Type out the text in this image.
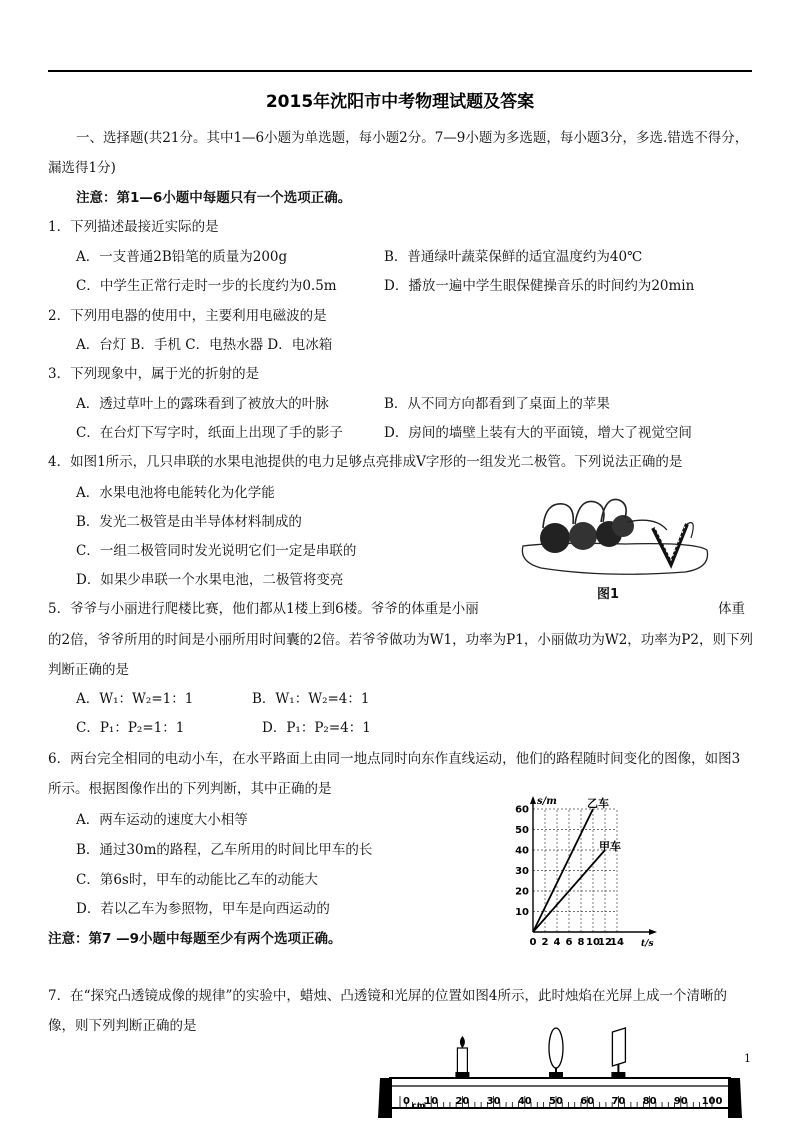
2015年沈阳市中考物理试题及答案
一、选择题(共21分。其中1—6小题为单选题，每小题2分。7—9小题为多选题，每小题3分，多选.错选不得分，
漏选得1分)
注意：第1—6小题中每题只有一个选项正确。
1．下列描述最接近实际的是
A．一支普通2B铅笔的质量为200g	B．普通绿叶蔬菜保鲜的适宜温度约为40℃
C．中学生正常行走时一步的长度约为0.5m	D．播放一遍中学生眼保健操音乐的时间约为20min
2．下列用电器的使用中，主要利用电磁波的是
A．台灯 B．手机 C．电热水器 D．电冰箱
3．下列现象中，属于光的折射的是
A．透过草叶上的露珠看到了被放大的叶脉	B．从不同方向都看到了桌面上的苹果
C．在台灯下写字时，纸面上出现了手的影子	D．房间的墙壁上装有大的平面镜，增大了视觉空间
4．如图1所示，几只串联的水果电池提供的电力足够点亮排成V字形的一组发光二极管。下列说法正确的是
A．水果电池将电能转化为化学能
B．发光二极管是由半导体材料制成的
C．一组二极管同时发光说明它们一定是串联的
D．如果少串联一个水果电池，二极管将变亮
图1
5．爷爷与小丽进行爬楼比赛，他们都从1楼上到6楼。爷爷的体重是小丽	体重
的2倍，爷爷所用的时间是小丽所用时间囊的2倍。若爷爷做功为W1，功率为P1，小丽做功为W2，功率为P2，则下列
判断正确的是
A．W₁：W₂=1：1	B．W₁：W₂=4：1
C．P₁：P₂=1：1	D．P₁：P₂=4：1
6．两台完全相同的电动小车，在水平路面上由同一地点同时向东作直线运动，他们的路程随时间变化的图像，如图3
所示。根据图像作出的下列判断，其中正确的是
A．两车运动的速度大小相等
B．通过30m的路程，乙车所用的时间比甲车的长
C．第6s时，甲车的动能比乙车的动能大
D．若以乙车为参照物，甲车是向西运动的
0 2 4 6 8 10
12
14
10
20
30
40
50
60
s/m
t/s
乙车
甲车
注意：第7 —9小题中每题至少有两个选项正确。
7．在“探究凸透镜成像的规律”的实验中，蜡烛、凸透镜和光屏的位置如图4所示，此时烛焰在光屏上成一个清晰的
像，则下列判断正确的是
1
0 10 20 30 40 50 60 70 80 90 100
cm
